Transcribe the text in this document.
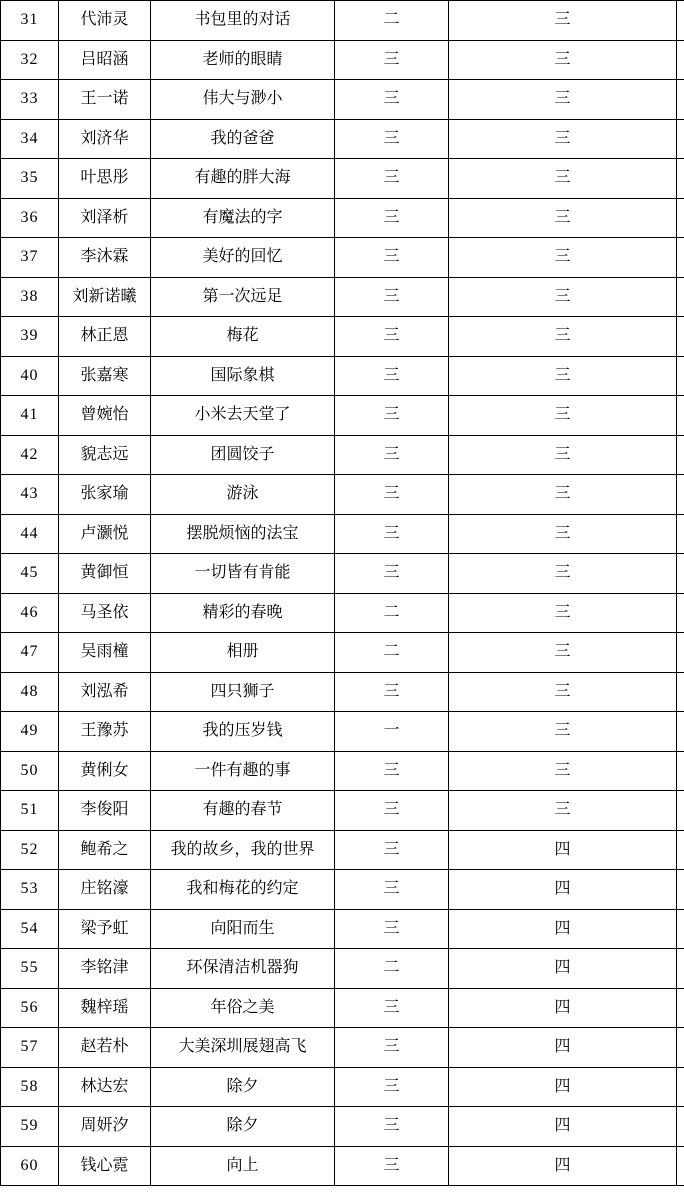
31	代沛灵	书包里的对话	二	三	
32	吕昭涵	老师的眼睛	三	三	
33	王一诺	伟大与渺小	三	三	
34	刘济华	我的爸爸	三	三	
35	叶思彤	有趣的胖大海	三	三	
36	刘泽析	有魔法的字	三	三	
37	李沐霖	美好的回忆	三	三	
38	刘新诺曦	第一次远足	三	三	
39	林正恩	梅花	三	三	
40	张嘉寒	国际象棋	三	三	
41	曾婉怡	小米去天堂了	三	三	
42	貌志远	团圆饺子	三	三	
43	张家瑜	游泳	三	三	
44	卢灏悦	摆脱烦恼的法宝	三	三	
45	黄御恒	一切皆有肯能	三	三	
46	马圣依	精彩的春晚	二	三	
47	吴雨橦	相册	二	三	
48	刘泓希	四只狮子	三	三	
49	王豫苏	我的压岁钱	一	三	
50	黄俐女	一件有趣的事	三	三	
51	李俊阳	有趣的春节	三	三	
52	鲍希之	我的故乡，我的世界	三	四	
53	庄铭濠	我和梅花的约定	三	四	
54	梁予虹	向阳而生	三	四	
55	李铭津	环保清洁机器狗	二	四	
56	魏梓瑶	年俗之美	三	四	
57	赵若朴	大美深圳展翅高飞	三	四	
58	林达宏	除夕	三	四	
59	周妍汐	除夕	三	四	
60	钱心霓	向上	三	四	
